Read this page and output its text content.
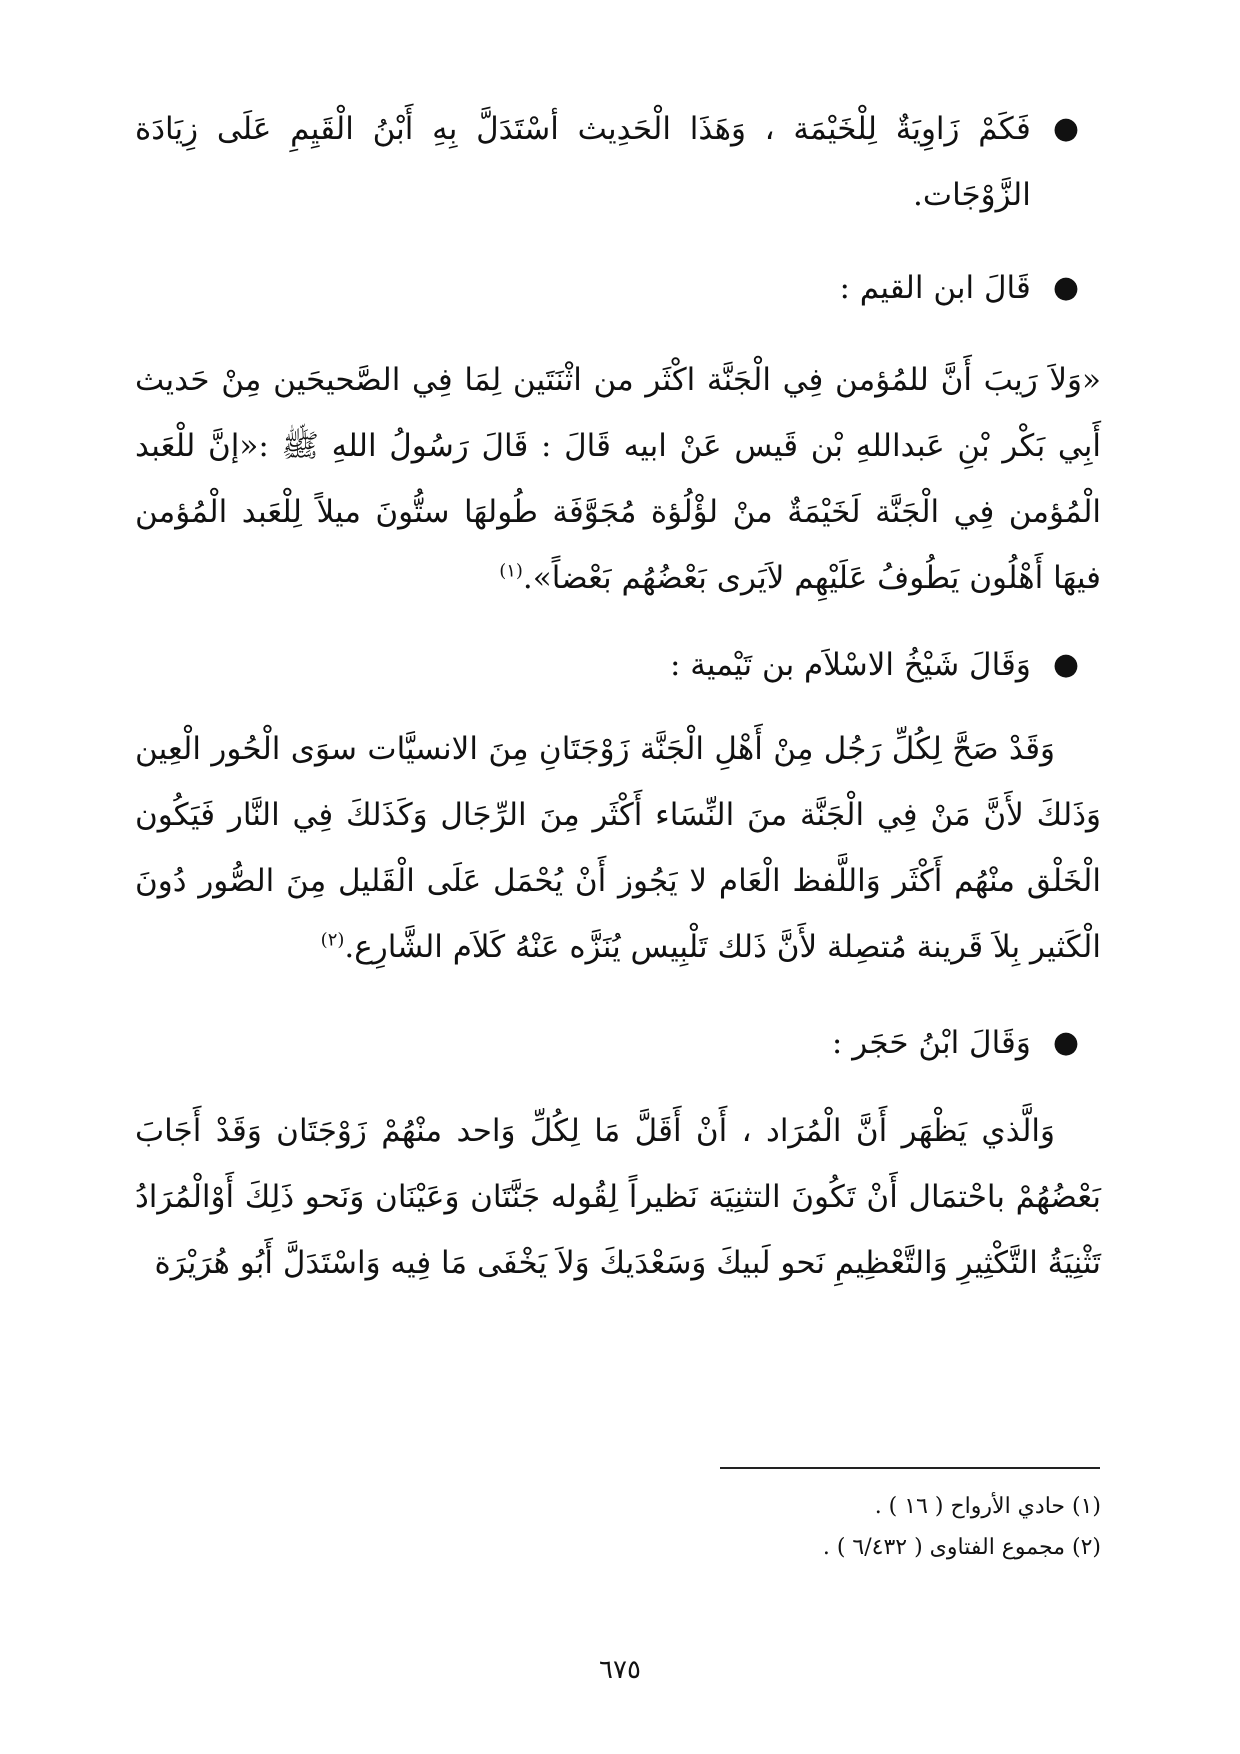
●
فَكَمْ زَاوِيَةٌ لِلْخَيْمَة ، وَهَذَا الْحَدِيث أسْتَدَلَّ بِهِ أَبْنُ الْقَيِمِ عَلَى زِيَادَة الزَّوْجَات.
●
قَالَ ابن القيم :

«وَلاَ رَيبَ أَنَّ للمُؤمن فِي الْجَنَّة اكْثَر من اثْنَتَين لِمَا فِي الصَّحيحَين مِنْ حَديث أَبِي بَكْر بْنِ عَبداللهِ بْن قَيس عَنْ ابيه قَالَ : قَالَ رَسُولُ اللهِ ﷺ :«إنَّ للْعَبد الْمُؤمن فِي الْجَنَّة لَخَيْمَةٌ منْ لؤْلُؤة مُجَوَّفَة طُولهَا ستُّونَ ميلاً لِلْعَبد الْمُؤمن فيهَا أَهْلُون يَطُوفُ عَلَيْهِم لاَيَرى بَعْضُهُم بَعْضاً».$^{(١)}$

●
وَقَالَ شَيْخُ الاسْلاَم بن تَيْمية :

وَقَدْ صَحَّ لِكُلِّ رَجُل مِنْ أَهْلِ الْجَنَّة زَوْجَتَانِ مِنَ الانسيَّات سوَى الْحُور الْعِين وَذَلكَ لأَنَّ مَنْ فِي الْجَنَّة منَ النِّسَاء أَكْثَر مِنَ الرِّجَال وَكَذَلكَ فِي النَّار فَيَكُون الْخَلْق منْهُم أَكْثَر وَاللَّفظ الْعَام لا يَجُوز أَنْ يُحْمَل عَلَى الْقَليل مِنَ الصُّور دُونَ الْكَثير بِلاَ قَرينة مُتصِلة لأَنَّ ذَلك تَلْبِيس يُنَزَّه عَنْهُ كَلاَم الشَّارِع.$^{(٢)}$

●
وَقَالَ ابْنُ حَجَر :

وَالَّذي يَظْهَر أَنَّ الْمُرَاد ، أَنْ أَقَلَّ مَا لِكُلِّ وَاحد منْهُمْ زَوْجَتَان وَقَدْ أَجَابَ بَعْضُهُمْ باحْتمَال أَنْ تَكُونَ التثنِيَة نَظيراً لِقُوله جَنَّتَان وَعَيْنَان وَنَحو ذَلِكَ أَوْالْمُرَادُ تَثْنِيَةُ التَّكْثِيرِ وَالتَّعْظِيمِ نَحو لَبيكَ وَسَعْدَيكَ وَلاَ يَخْفَى مَا فِيه وَاسْتَدَلَّ أَبُو هُرَيْرَة

(١) حادي الأرواح ( ١٦ ) .

(٢) مجموع الفتاوى ( ٦/٤٣٢ ) .

٦٧٥
